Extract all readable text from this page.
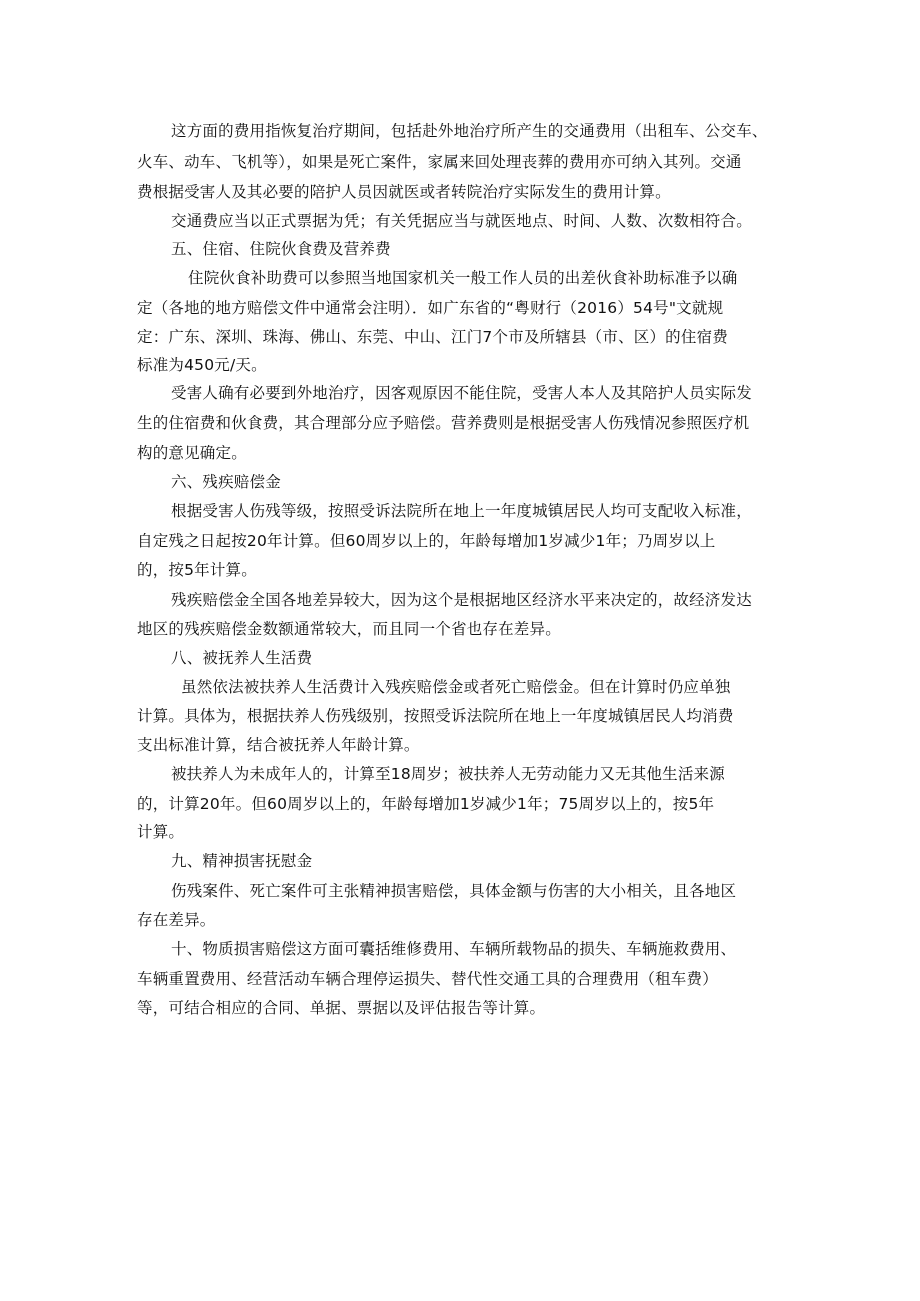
这方面的费用指恢复治疗期间，包括赴外地治疗所产生的交通费用（出租车、公交车、
火车、动车、飞机等），如果是死亡案件，家属来回处理丧葬的费用亦可纳入其列。交通
费根据受害人及其必要的陪护人员因就医或者转院治疗实际发生的费用计算。
交通费应当以正式票据为凭；有关凭据应当与就医地点、时间、人数、次数相符合。
五、住宿、住院伙食费及营养费
住院伙食补助费可以参照当地国家机关一般工作人员的出差伙食补助标准予以确
定（各地的地方赔偿文件中通常会注明）．如广东省的“粤财行（2016）54号"文就规
定：广东、深圳、珠海、佛山、东莞、中山、江门7个市及所辖县（市、区）的住宿费
标准为450元/天。
受害人确有必要到外地治疗，因客观原因不能住院，受害人本人及其陪护人员实际发
生的住宿费和伙食费，其合理部分应予赔偿。营养费则是根据受害人伤残情况参照医疗机
构的意见确定。
六、残疾赔偿金
根据受害人伤残等级，按照受诉法院所在地上一年度城镇居民人均可支配收入标准，
自定残之日起按20年计算。但60周岁以上的，年龄每增加1岁减少1年；乃周岁以上
的，按5年计算。
残疾赔偿金全国各地差异较大，因为这个是根据地区经济水平来决定的，故经济发达
地区的残疾赔偿金数额通常较大，而且同一个省也存在差异。
八、被抚养人生活费
虽然依法被扶养人生活费计入残疾赔偿金或者死亡赔偿金。但在计算时仍应单独
计算。具体为，根据扶养人伤残级别，按照受诉法院所在地上一年度城镇居民人均消费
支出标准计算，结合被抚养人年龄计算。
被扶养人为未成年人的，计算至18周岁；被扶养人无劳动能力又无其他生活来源
的，计算20年。但60周岁以上的，年龄每增加1岁减少1年；75周岁以上的，按5年
计算。
九、精神损害抚慰金
伤残案件、死亡案件可主张精神损害赔偿，具体金额与伤害的大小相关，且各地区
存在差异。
十、物质损害赔偿这方面可囊括维修费用、车辆所载物品的损失、车辆施救费用、
车辆重置费用、经营活动车辆合理停运损失、替代性交通工具的合理费用（租车费）
等，可结合相应的合同、单据、票据以及评估报告等计算。
